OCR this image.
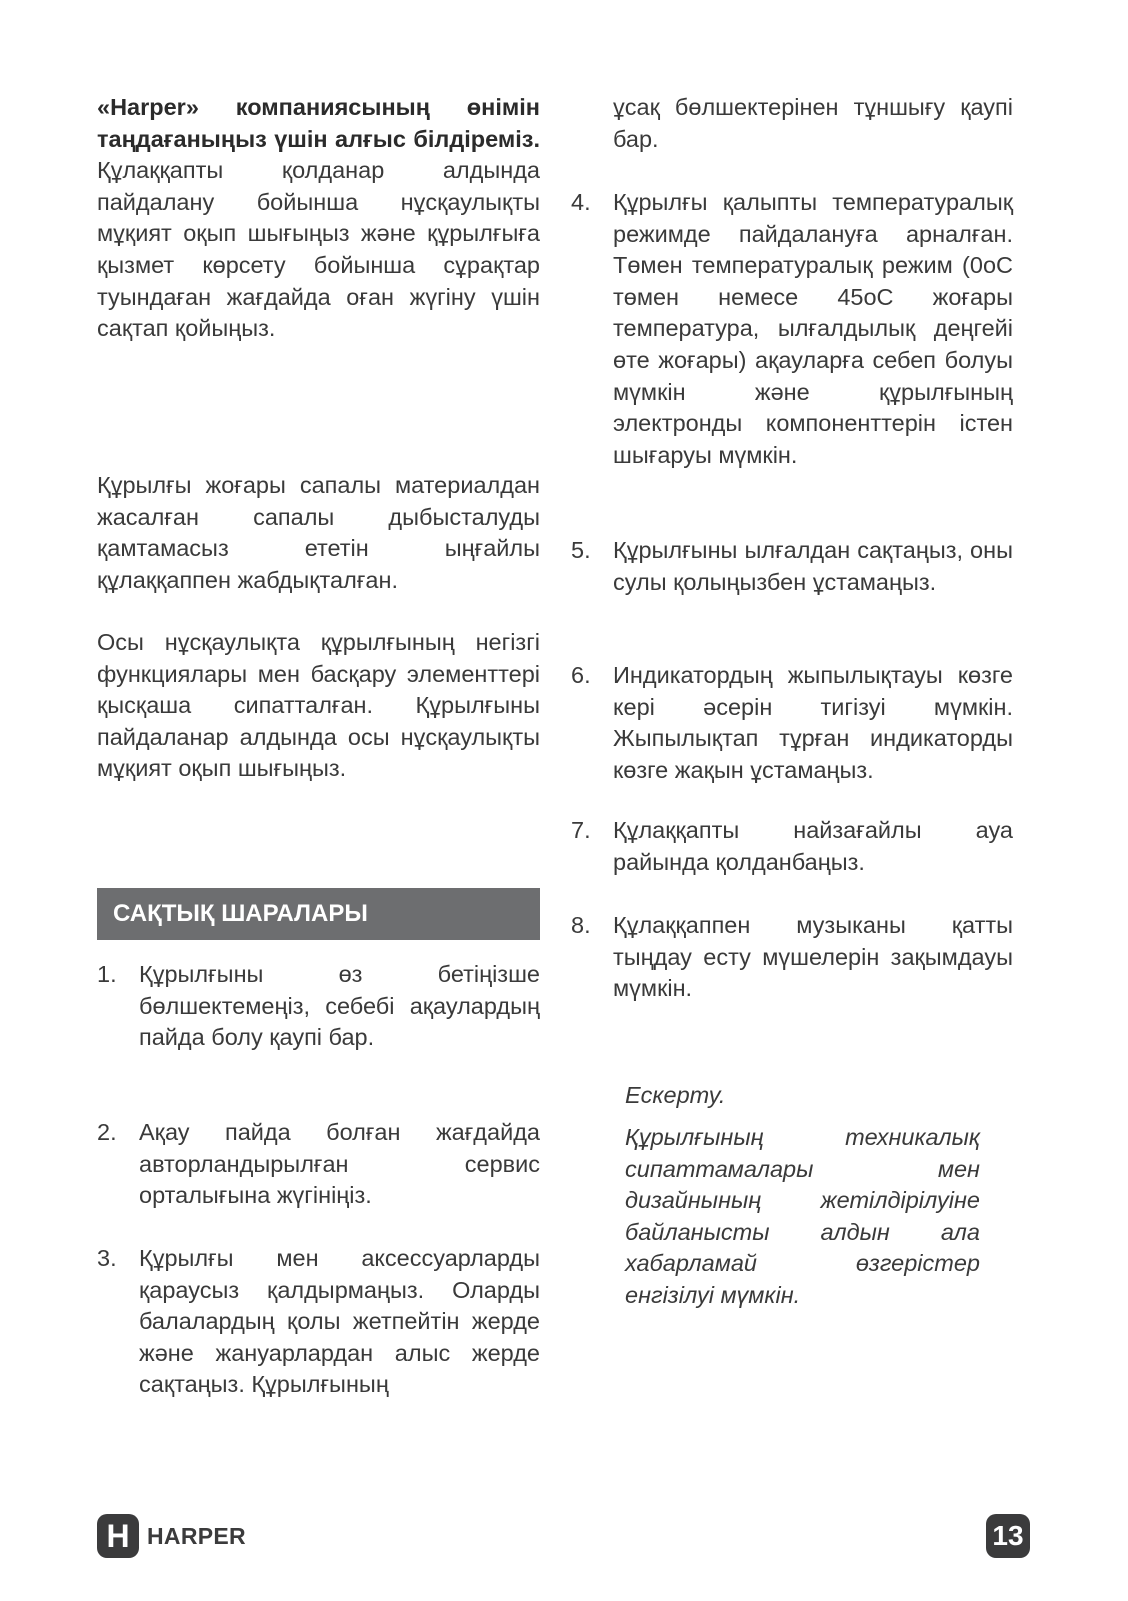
«Harper» компаниясының өнімін таңдағаныңыз үшін алғыс білдіреміз. Құлаққапты қолданар алдында пайдалану бойынша нұсқаулықты мұқият оқып шығыңыз және құрылғыға қызмет көрсету бойынша сұрақтар туындаған жағдайда оған жүгіну үшін сақтап қойыңыз.

Құрылғы жоғары сапалы материалдан жасалған сапалы дыбысталуды қамтамасыз ететін ыңғайлы құлаққаппен жабдықталған.

Осы нұсқаулықта құрылғының негізгі функциялары мен басқару элементтері қысқаша сипатталған. Құрылғыны пайдаланар алдында осы нұсқаулықты мұқият оқып шығыңыз.

САҚТЫҚ ШАРАЛАРЫ
1. Құрылғыны өз бетіңізше бөлшектемеңіз, себебі ақаулардың пайда болу қаупі бар.
2. Ақау пайда болған жағдайда авторландырылған сервис орталығына жүгініңіз.
3. Құрылғы мен аксессуарларды қараусыз қалдырмаңыз. Оларды балалардың қолы жетпейтін жерде және жануарлардан алыс жерде сақтаңыз. Құрылғының
ұсақ бөлшектерінен тұншығу қаупі бар.
4. Құрылғы қалыпты температуралық режимде пайдалануға арналған. Төмен температуралық режим (0оС төмен немесе 45оС жоғары температура, ылғалдылық деңгейі өте жоғары) ақауларға себеп болуы мүмкін және құрылғының электронды компоненттерін істен шығаруы мүмкін.
5. Құрылғыны ылғалдан сақтаңыз, оны сулы қолыңызбен ұстамаңыз.
6. Индикатордың жыпылықтауы көзге кері әсерін тигізуі мүмкін. Жыпылықтап тұрған индикаторды көзге жақын ұстамаңыз.
7. Құлаққапты найзағайлы ауа райында қолданбаңыз.
8. Құлаққаппен музыканы қатты тыңдау есту мүшелерін зақымдауы мүмкін.
Ескерту.
Құрылғының техникалық сипаттамалары мен дизайнының жетілдірілуіне байланысты алдын ала хабарламай өзгерістер енгізілуі мүмкін.
H HARPER	13
